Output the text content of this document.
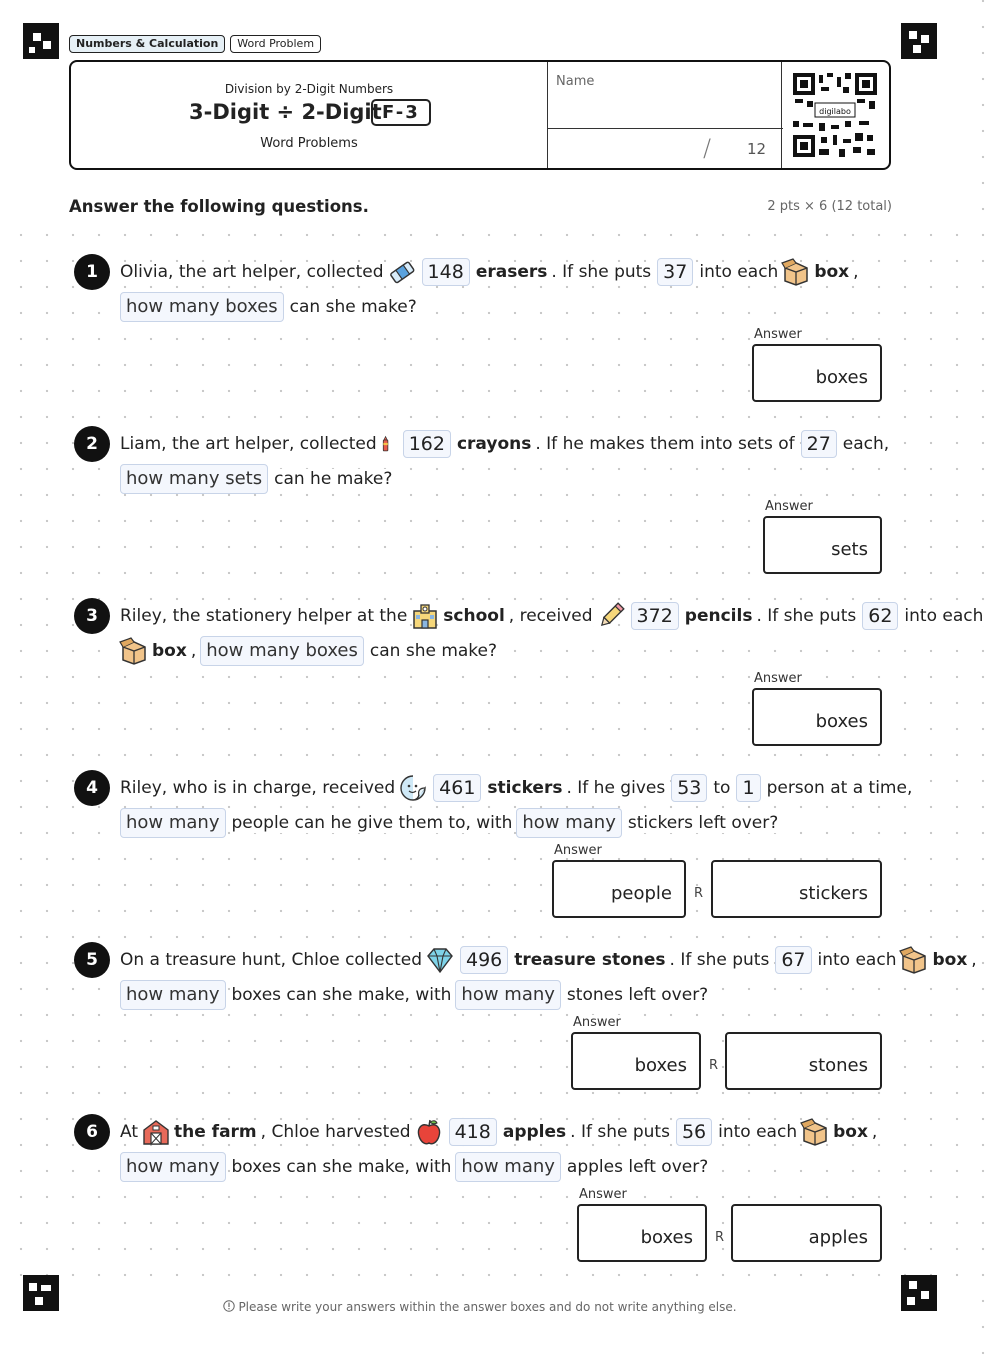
Numbers & Calculation	Word Problem
Division by 2-Digit Numbers
3-Digit ÷ 2-Digit F-3
Word Problems
Name
/ 12
digilabo
Answer the following questions.	2 pts × 6 (12 total)
1	Olivia, the art helper, collected	148 erasers . If she puts 37 into each box ,
how many boxes can she make?
Answer
boxes
2	Liam, the art helper, collected	162 crayons . If he makes them into sets of 27 each,
how many sets can he make?
Answer
sets
3	Riley, the stationery helper at the school , received	372 pencils . If she puts 62 into each
box , how many boxes can she make?
Answer
boxes
4	Riley, who is in charge, received	461 stickers . If he gives 53 to 1 person at a time,
how many people can he give them to, with how many stickers left over?
Answer
people R	stickers
5	On a treasure hunt, Chloe collected	496 treasure stones . If she puts 67 into each box ,
how many boxes can she make, with how many stones left over?
Answer
boxes R	stones
6	At the farm , Chloe harvested	418 apples . If she puts 56 into each box ,
how many boxes can she make, with how many apples left over?
Answer
boxes R	apples
Please write your answers within the answer boxes and do not write anything else.
